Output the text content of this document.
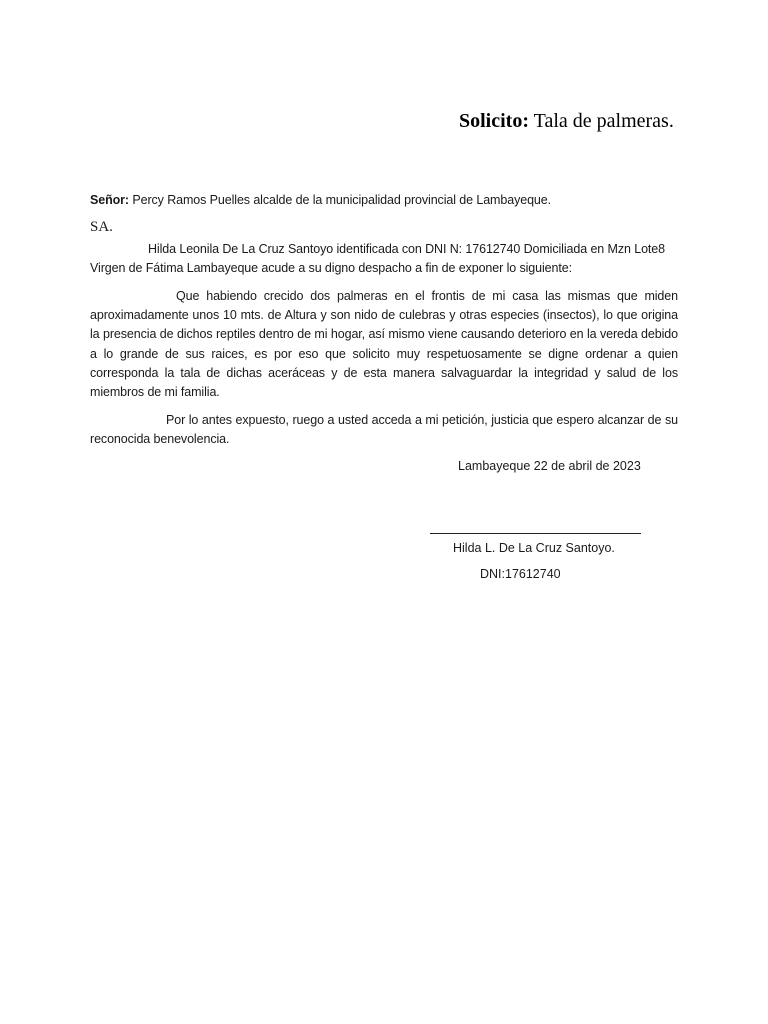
Solicito: Tala de palmeras.
Señor: Percy Ramos Puelles alcalde de la municipalidad provincial de Lambayeque.
SA.
Hilda Leonila De La Cruz Santoyo identificada con DNI N: 17612740 Domiciliada en Mzn Lote8 Virgen de Fátima Lambayeque acude a su digno despacho a fin de exponer lo siguiente:
Que habiendo crecido dos palmeras en el frontis de mi casa las mismas que miden aproximadamente unos 10 mts. de Altura y son nido de culebras y otras especies (insectos), lo que origina la presencia de dichos reptiles dentro de mi hogar, así mismo viene causando deterioro en la vereda debido a lo grande de sus raices, es por eso que solicito muy respetuosamente se digne ordenar a quien corresponda la tala de dichas aceráceas y de esta manera salvaguardar la integridad y salud de los miembros de mi familia.
Por lo antes expuesto, ruego a usted acceda a mi petición, justicia que espero alcanzar de su reconocida benevolencia.
Lambayeque 22 de abril de 2023
Hilda L. De La Cruz Santoyo.
DNI:17612740
